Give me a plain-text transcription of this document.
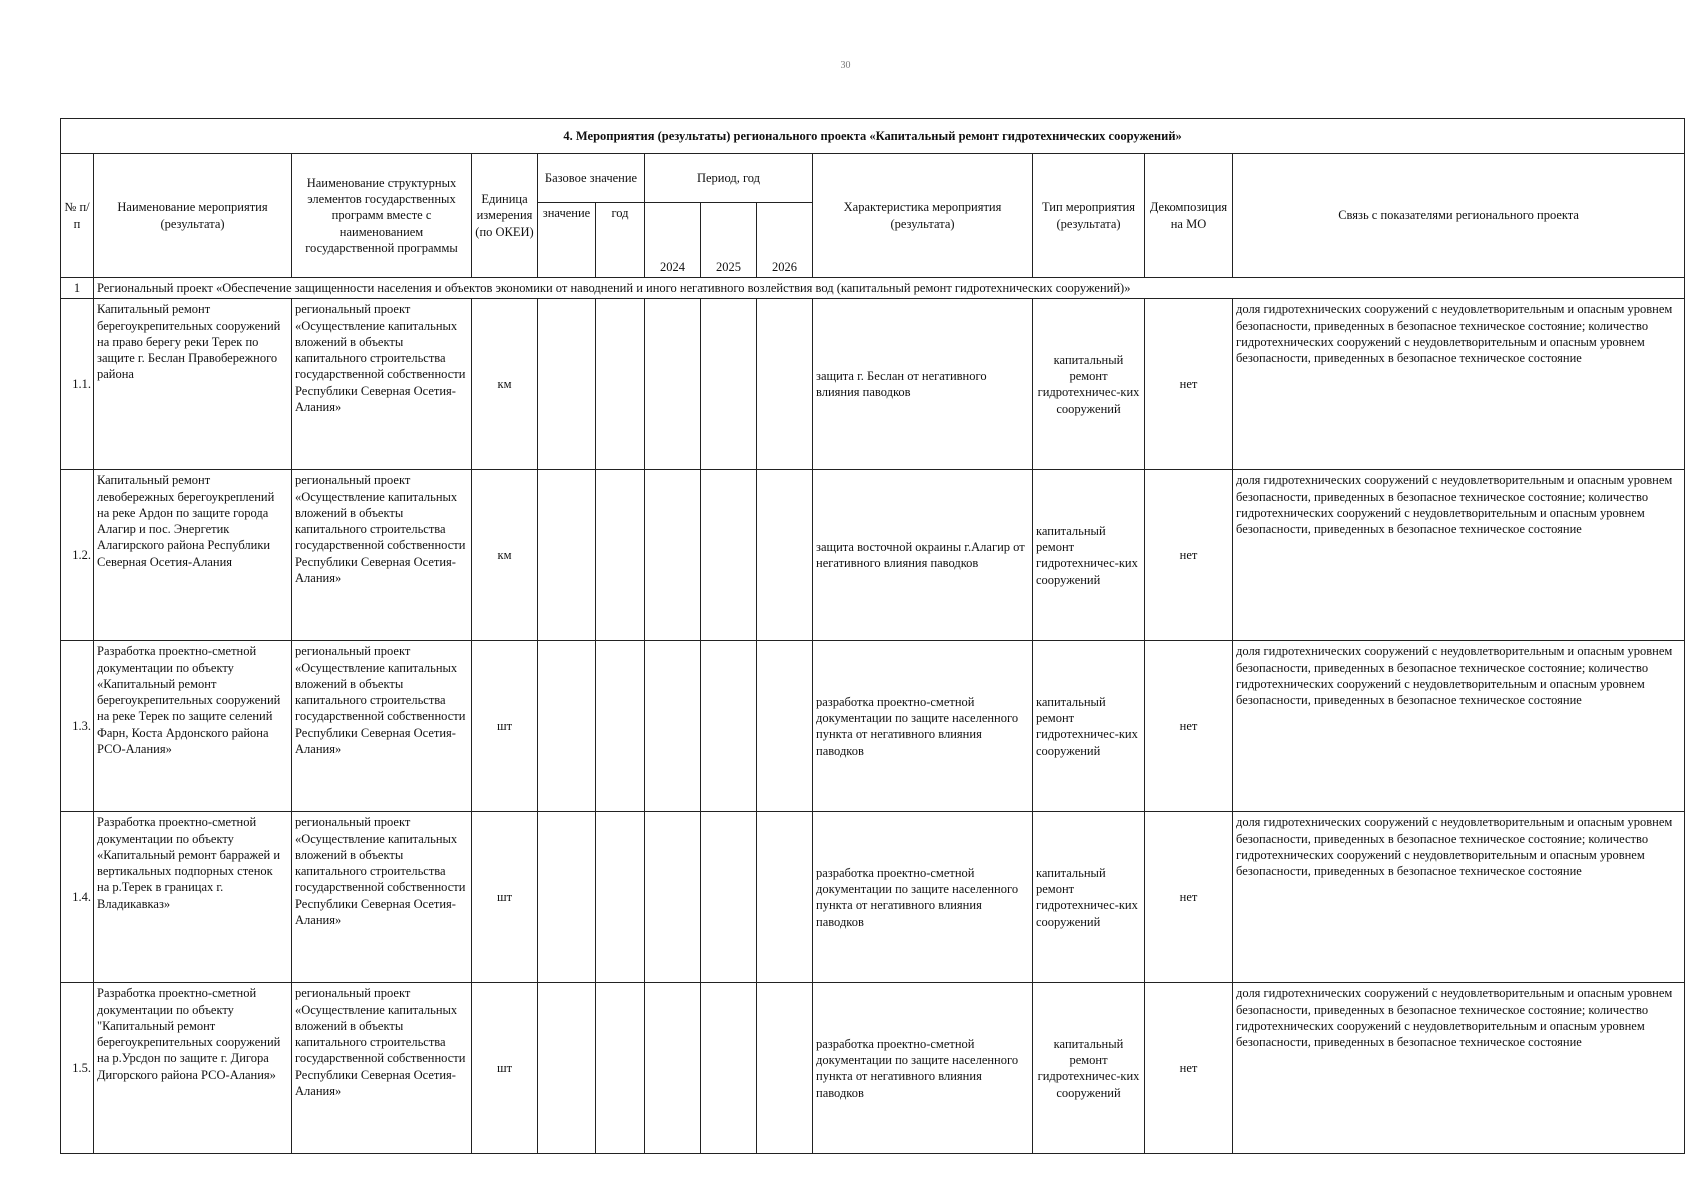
30
4. Мероприятия (результаты) регионального проекта «Капитальный ремонт гидротехнических сооружений»												
№ п/п	Наименование мероприятия (результата)	Наименование структурных элементов государственных программ вместе с наименованием государственной программы	Единица измерения (по ОКЕИ)	Базовое значение		Период, год			Характеристика мероприятия (результата)	Тип мероприятия (результата)	Декомпозиция на МО	Связь с показателями регионального проекта
				значение	год	2024	2025	2026				
1	Региональный проект «Обеспечение защищенности населения и объектов экономики от наводнений и иного негативного возлействия вод (капитальный ремонт гидротехнических сооружений)»											
1.1.	Капитальный ремонт берегоукрепительных сооружений на право берегу реки Терек по защите г. Беслан Правобережного района	региональный проект «Осуществление капитальных вложений в объекты капитального строительства государственной собственности Республики Северная Осетия-Алания»	км						защита г. Беслан от негативного влияния паводков	капитальный ремонт гидротехничес-ких сооружений	нет	доля гидротехнических сооружений с неудовлетворительным и опасным уровнем безопасности, приведенных в безопасное техническое состояние; количество гидротехнических сооружений с неудовлетворительным и опасным уровнем безопасности, приведенных в безопасное техническое состояние
1.2.	Капитальный ремонт левобережных берегоукреплений на реке Ардон по защите города Алагир и пос. Энергетик Алагирского района Республики Северная Осетия-Алания	региональный проект «Осуществление капитальных вложений в объекты капитального строительства государственной собственности Республики Северная Осетия-Алания»	км						защита восточной окраины г.Алагир от негативного влияния паводков	капитальный ремонт гидротехничес-ких сооружений	нет	доля гидротехнических сооружений с неудовлетворительным и опасным уровнем безопасности, приведенных в безопасное техническое состояние; количество гидротехнических сооружений с неудовлетворительным и опасным уровнем безопасности, приведенных в безопасное техническое состояние
1.3.	Разработка проектно-сметной документации по объекту «Капитальный ремонт берегоукрепительных сооружений на реке Терек по защите селений Фарн, Коста Ардонского района РСО-Алания»	региональный проект «Осуществление капитальных вложений в объекты капитального строительства государственной собственности Республики Северная Осетия-Алания»	шт						разработка проектно-сметной документации по защите населенного пункта от негативного влияния паводков	капитальный ремонт гидротехничес-ких сооружений	нет	доля гидротехнических сооружений с неудовлетворительным и опасным уровнем безопасности, приведенных в безопасное техническое состояние; количество гидротехнических сооружений с неудовлетворительным и опасным уровнем безопасности, приведенных в безопасное техническое состояние
1.4.	Разработка проектно-сметной документации по объекту «Капитальный ремонт барражей и вертикальных подпорных стенок на р.Терек в границах г. Владикавказ»	региональный проект «Осуществление капитальных вложений в объекты капитального строительства государственной собственности Республики Северная Осетия-Алания»	шт						разработка проектно-сметной документации по защите населенного пункта от негативного влияния паводков	капитальный ремонт гидротехничес-ких сооружений	нет	доля гидротехнических сооружений с неудовлетворительным и опасным уровнем безопасности, приведенных в безопасное техническое состояние; количество гидротехнических сооружений с неудовлетворительным и опасным уровнем безопасности, приведенных в безопасное техническое состояние
1.5.	Разработка проектно-сметной документации по объекту "Капитальный ремонт берегоукрепительных сооружений на р.Урсдон по защите г. Дигора Дигорского района РСО-Алания»	региональный проект «Осуществление капитальных вложений в объекты капитального строительства государственной собственности Республики Северная Осетия-Алания»	шт						разработка проектно-сметной документации по защите населенного пункта от негативного влияния паводков	капитальный ремонт гидротехничес-ких сооружений	нет	доля гидротехнических сооружений с неудовлетворительным и опасным уровнем безопасности, приведенных в безопасное техническое состояние; количество гидротехнических сооружений с неудовлетворительным и опасным уровнем безопасности, приведенных в безопасное техническое состояние
